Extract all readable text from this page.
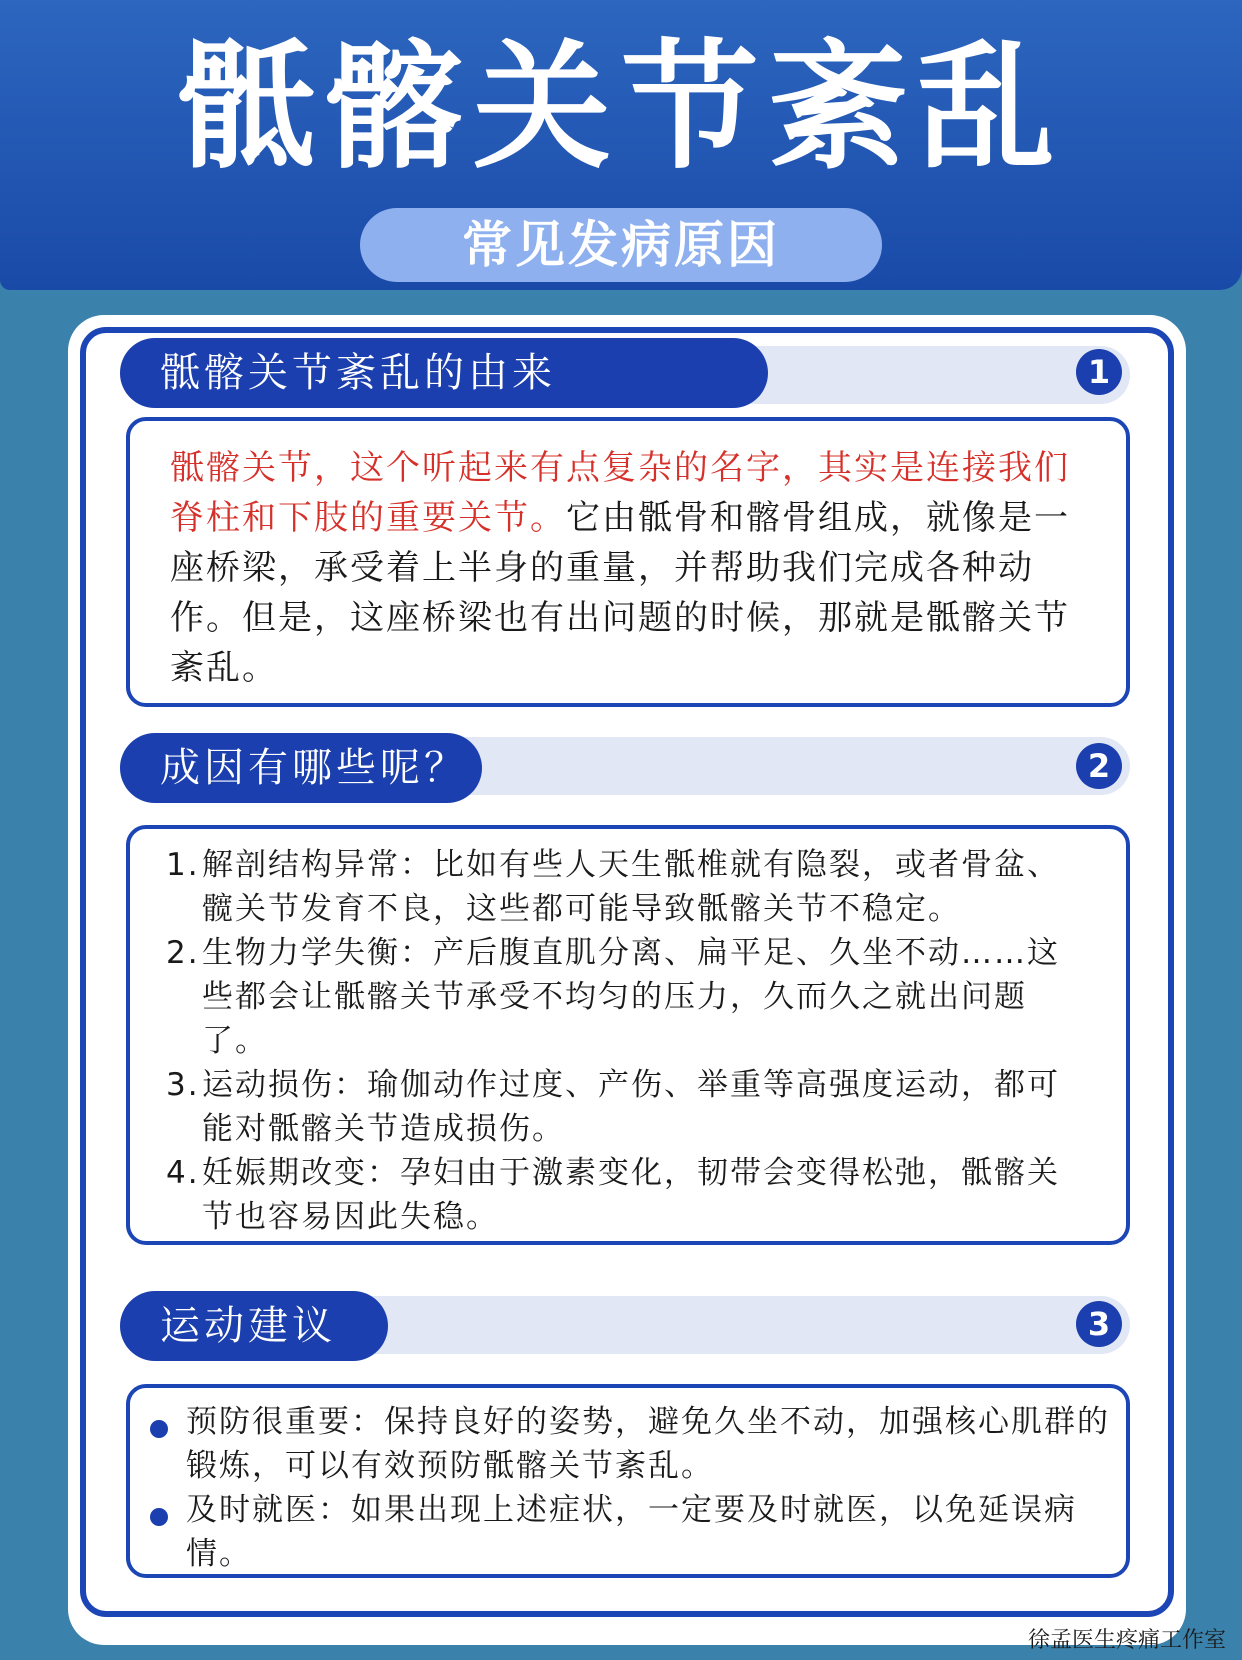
骶髂关节紊乱
常见发病原因
骶髂关节紊乱的由来	1
骶髂关节，这个听起来有点复杂的名字，其实是连接我们脊柱和下肢的重要关节。它由骶骨和髂骨组成，就像是一座桥梁，承受着上半身的重量，并帮助我们完成各种动作。但是，这座桥梁也有出问题的时候，那就是骶髂关节紊乱。
成因有哪些呢？	2
1. 解剖结构异常：比如有些人天生骶椎就有隐裂，或者骨盆、髋关节发育不良，这些都可能导致骶髂关节不稳定。
2. 生物力学失衡：产后腹直肌分离、扁平足、久坐不动……这些都会让骶髂关节承受不均匀的压力，久而久之就出问题了。
3. 运动损伤：瑜伽动作过度、产伤、举重等高强度运动，都可能对骶髂关节造成损伤。
4. 妊娠期改变：孕妇由于激素变化，韧带会变得松弛，骶髂关节也容易因此失稳。
运动建议	3
预防很重要：保持良好的姿势，避免久坐不动，加强核心肌群的锻炼，可以有效预防骶髂关节紊乱。
及时就医：如果出现上述症状，一定要及时就医，以免延误病情。
徐孟医生疼痛工作室
